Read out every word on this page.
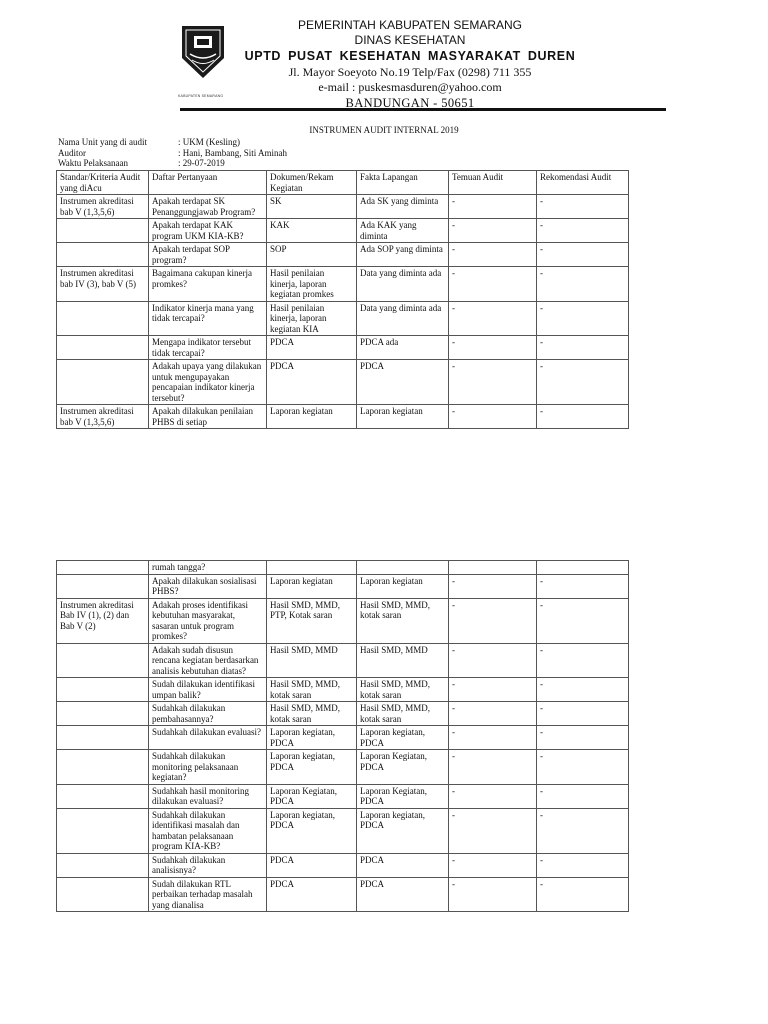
KABUPATEN SEMARANG
PEMERINTAH KABUPATEN SEMARANG
DINAS KESEHATAN
UPTD PUSAT KESEHATAN MASYARAKAT DUREN
Jl. Mayor Soeyoto No.19 Telp/Fax (0298) 711 355
e-mail : puskesmasduren@yahoo.com
BANDUNGAN - 50651
INSTRUMEN AUDIT INTERNAL 2019
Nama Unit yang di audit	: UKM (Kesling)
Auditor	: Hani, Bambang, Siti Aminah
Waktu Pelaksanaan	: 29-07-2019
Standar/Kriteria Audit yang diAcu	Daftar Pertanyaan	Dokumen/Rekam Kegiatan	Fakta Lapangan	Temuan Audit	Rekomendasi Audit
Instrumen akreditasi bab V (1,3,5,6)	Apakah terdapat SK Penanggungjawab Program?	SK	Ada SK yang diminta	-	-
	Apakah terdapat KAK program UKM KIA-KB?	KAK	Ada KAK yang diminta	-	-
	Apakah terdapat SOP program?	SOP	Ada SOP yang diminta	-	-
Instrumen akreditasi bab IV (3), bab V (5)	Bagaimana cakupan kinerja promkes?	Hasil penilaian kinerja, laporan kegiatan promkes	Data yang diminta ada	-	-
	Indikator kinerja mana yang tidak tercapai?	Hasil penilaian kinerja, laporan kegiatan KIA	Data yang diminta ada	-	-
	Mengapa indikator tersebut tidak tercapai?	PDCA	PDCA ada	-	-
	Adakah upaya yang dilakukan untuk mengupayakan pencapaian indikator kinerja tersebut?	PDCA	PDCA	-	-
Instrumen akreditasi bab V (1,3,5,6)	Apakah dilakukan penilaian PHBS di setiap	Laporan kegiatan	Laporan kegiatan	-	-
	rumah tangga?				
	Apakah dilakukan sosialisasi PHBS?	Laporan kegiatan	Laporan kegiatan	-	-
Instrumen akreditasi Bab IV (1), (2) dan Bab V (2)	Adakah proses identifikasi kebutuhan masyarakat, sasaran untuk program promkes?	Hasil SMD, MMD, PTP, Kotak saran	Hasil SMD, MMD, kotak saran	-	-
	Adakah sudah disusun rencana kegiatan berdasarkan analisis kebutuhan diatas?	Hasil SMD, MMD	Hasil SMD, MMD	-	-
	Sudah dilakukan identifikasi umpan balik?	Hasil SMD, MMD, kotak saran	Hasil SMD, MMD, kotak saran	-	-
	Sudahkah dilakukan pembahasannya?	Hasil SMD, MMD, kotak saran	Hasil SMD, MMD, kotak saran	-	-
	Sudahkah dilakukan evaluasi?	Laporan kegiatan, PDCA	Laporan kegiatan, PDCA	-	-
	Sudahkah dilakukan monitoring pelaksanaan kegiatan?	Laporan kegiatan, PDCA	Laporan Kegiatan, PDCA	-	-
	Sudahkah hasil monitoring dilakukan evaluasi?	Laporan Kegiatan, PDCA	Laporan Kegiatan, PDCA	-	-
	Sudahkah dilakukan identifikasi masalah dan hambatan pelaksanaan program KIA-KB?	Laporan kegiatan, PDCA	Laporan kegiatan, PDCA	-	-
	Sudahkah dilakukan analisisnya?	PDCA	PDCA	-	-
	Sudah dilakukan RTL perbaikan terhadap masalah yang dianalisa	PDCA	PDCA	-	-
